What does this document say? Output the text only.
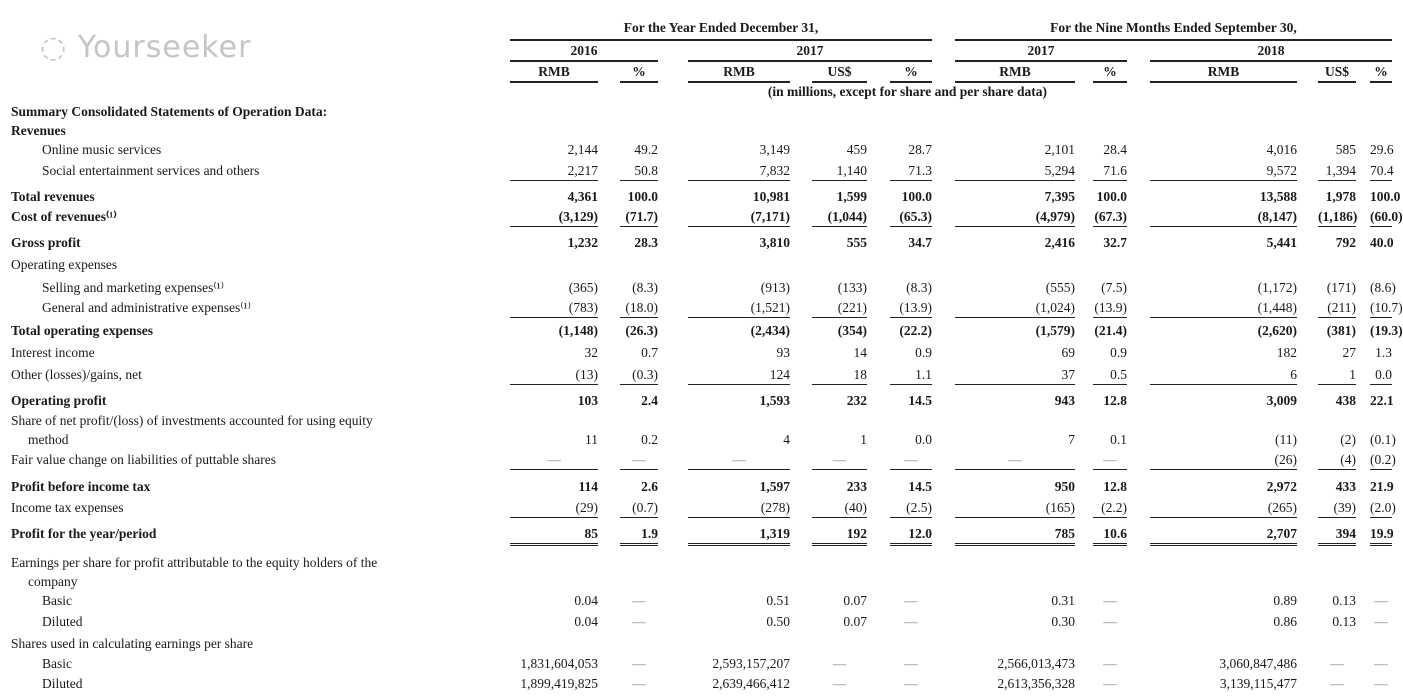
For the Year Ended December 31,	For the Nine Months Ended September 30,
2016	2017	2017	2018
RMB	%	RMB	US$	%	RMB	%	RMB	US$	%
(in millions, except for share and per share data)
Summary Consolidated Statements of Operation Data:
Revenues
Online music services	2,144	49.2	3,149	459	28.7	2,101	28.4	4,016	585 29.6
Social entertainment services and others	2,217	50.8	7,832	1,140	71.3	5,294	71.6	9,572	1,394 70.4
Total revenues	4,361	100.0	10,981	1,599	100.0	7,395 100.0	13,588	1,978 100.0
Cost of revenues⁽¹⁾	(3,129)	(71.7)	(7,171)	(1,044)	(65.3)	(4,979) (67.3)	(8,147) (1,186) (60.0)
Gross profit	1,232	28.3	3,810	555	34.7	2,416	32.7	5,441	792 40.0
Operating expenses
Selling and marketing expenses⁽¹⁾	(365)	(8.3)	(913)	(133)	(8.3)	(555)	(7.5)	(1,172)	(171) (8.6)
General and administrative expenses⁽¹⁾	(783)	(18.0)	(1,521)	(221)	(13.9)	(1,024) (13.9)	(1,448)	(211) (10.7)
Total operating expenses	(1,148)	(26.3)	(2,434)	(354)	(22.2)	(1,579) (21.4)	(2,620)	(381) (19.3)
Interest income	32	0.7	93	14	0.9	69	0.9	182	27	1.3
Other (losses)/gains, net	(13)	(0.3)	124	18	1.1	37	0.5	6	1	0.0
Operating profit	103	2.4	1,593	232	14.5	943	12.8	3,009	438 22.1
Share of net profit/(loss) of investments accounted for using equity
method	11	0.2	4	1	0.0	7	0.1	(11)	(2) (0.1)
Fair value change on liabilities of puttable shares	—	—	—	—	—	—	—	(26)	(4) (0.2)
Profit before income tax	114	2.6	1,597	233	14.5	950	12.8	2,972	433 21.9
Income tax expenses	(29)	(0.7)	(278)	(40)	(2.5)	(165)	(2.2)	(265)	(39) (2.0)
Profit for the year/period	85	1.9	1,319	192	12.0	785	10.6	2,707	394 19.9
Earnings per share for profit attributable to the equity holders of the
company
Basic	0.04	—	0.51	0.07	—	0.31	—	0.89	0.13	—
Diluted	0.04	—	0.50	0.07	—	0.30	—	0.86	0.13	—
Shares used in calculating earnings per share
Basic	1,831,604,053	—	2,593,157,207	—	—	2,566,013,473	—	3,060,847,486	—	—
Diluted	1,899,419,825	—	2,639,466,412	—	—	2,613,356,328	—	3,139,115,477	—	—
◌ Yourseeker
